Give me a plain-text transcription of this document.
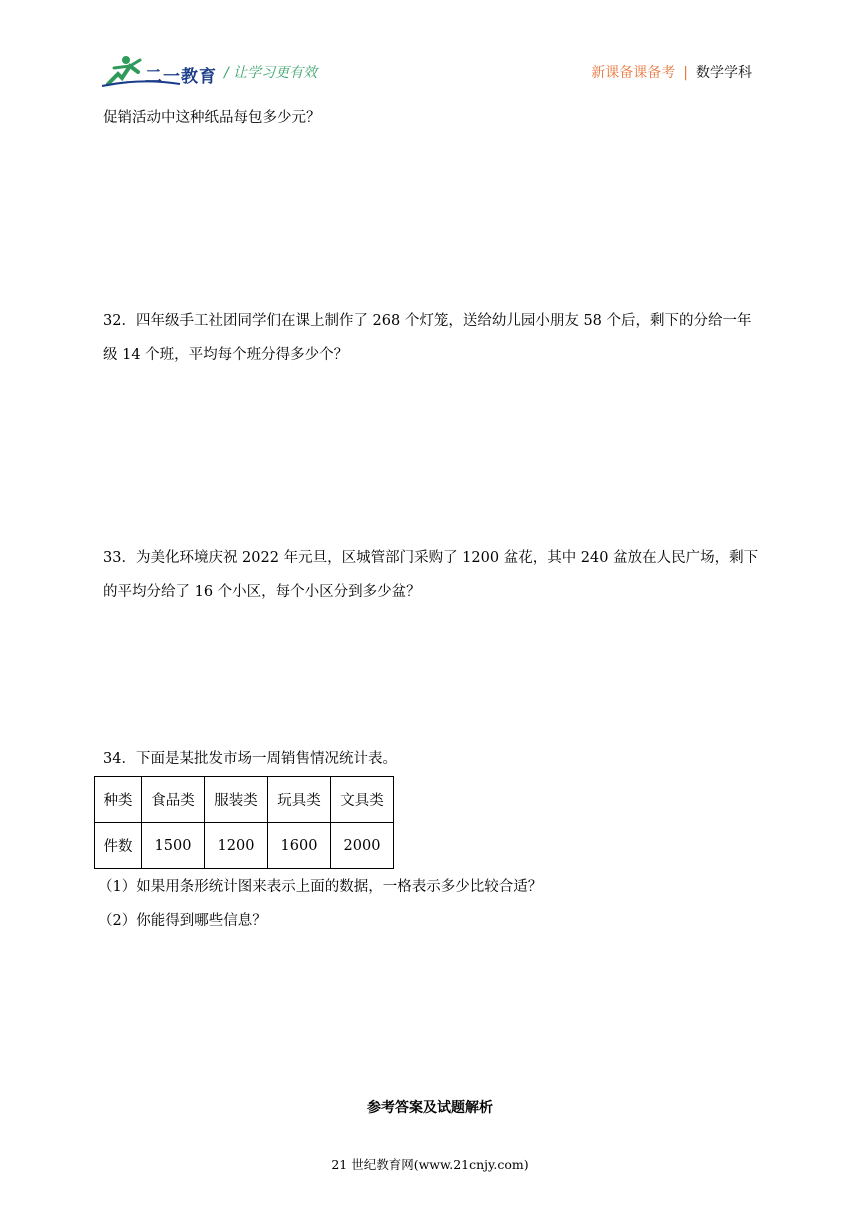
二一教育 / 让学习更有效	新课备课备考 | 数学学科
促销活动中这种纸品每包多少元？
32．四年级手工社团同学们在课上制作了 268 个灯笼，送给幼儿园小朋友 58 个后，剩下的分给一年
级 14 个班，平均每个班分得多少个？
33．为美化环境庆祝 2022 年元旦，区城管部门采购了 1200 盆花，其中 240 盆放在人民广场，剩下
的平均分给了 16 个小区，每个小区分到多少盆？
34．下面是某批发市场一周销售情况统计表。
种类	食品类	服装类	玩具类	文具类
件数	1500	1200	1600	2000
（1）如果用条形统计图来表示上面的数据，一格表示多少比较合适？
（2）你能得到哪些信息？
参考答案及试题解析
21 世纪教育网(www.21cnjy.com)
